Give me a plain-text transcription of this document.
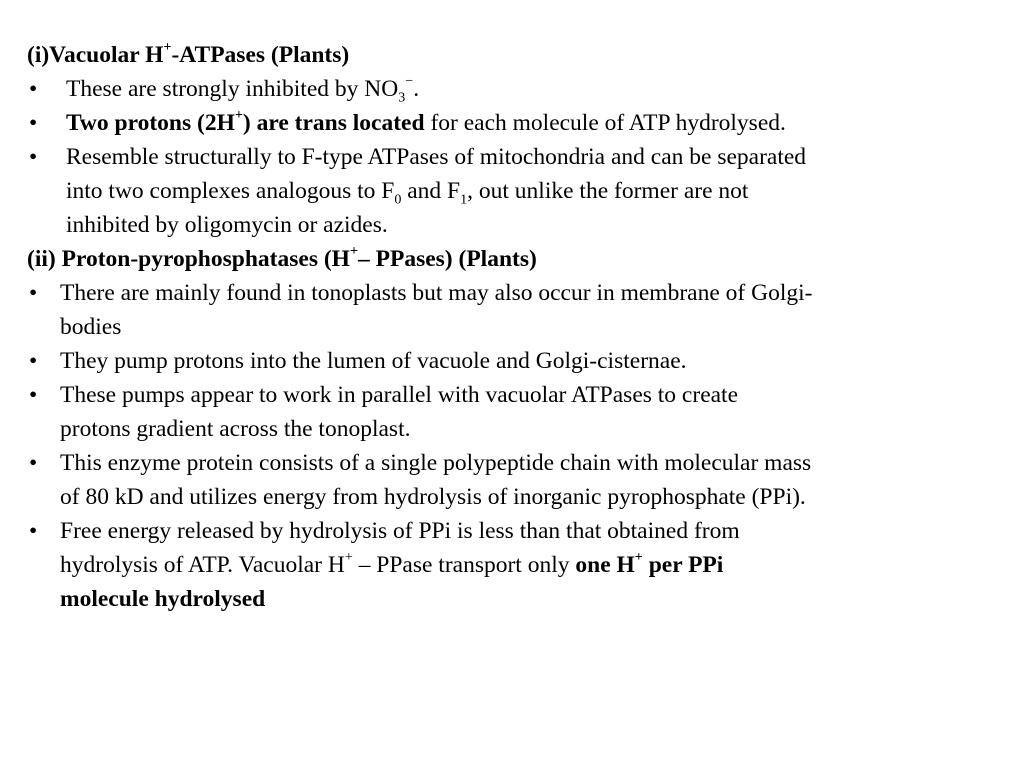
(i)Vacuolar H+-ATPases (Plants)
• These are strongly inhibited by $NO_3^-$.
• Two protons (2H+) are trans located for each molecule of ATP hydrolysed.
• Resemble structurally to F-type ATPases of mitochondria and can be separated
into two complexes analogous to $F_0$ and $F_1$, out unlike the former are not
inhibited by oligomycin or azides.
(ii) Proton-pyrophosphatases (H+– PPases) (Plants)
• There are mainly found in tonoplasts but may also occur in membrane of Golgi-
bodies
• They pump protons into the lumen of vacuole and Golgi-cisternae.
• These pumps appear to work in parallel with vacuolar ATPases to create
protons gradient across the tonoplast.
• This enzyme protein consists of a single polypeptide chain with molecular mass
of 80 kD and utilizes energy from hydrolysis of inorganic pyrophosphate (PPi).
• Free energy released by hydrolysis of PPi is less than that obtained from
hydrolysis of ATP. Vacuolar H+ – PPase transport only one H+ per PPi
molecule hydrolysed
